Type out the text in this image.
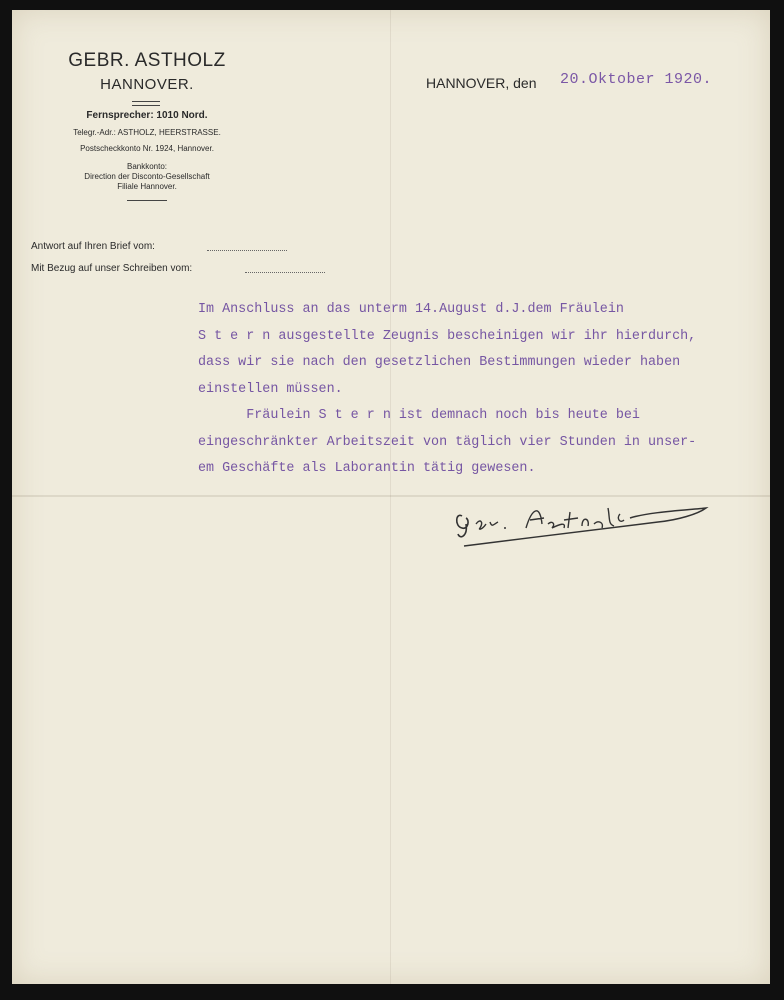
GEBR. ASTHOLZ
HANNOVER.
Fernsprecher: 1010 Nord.
Telegr.-Adr.: ASTHOLZ, HEERSTRASSE.
Postscheckkonto Nr. 1924, Hannover.
Bankkonto:
Direction der Disconto-Gesellschaft
Filiale Hannover.
HANNOVER, den 20.Oktober 1920.
Antwort auf Ihren Brief vom:
Mit Bezug auf unser Schreiben vom:
Im Anschluss an das unterm 14.August d.J.dem Fräulein
S t e r n ausgestellte Zeugnis bescheinigen wir ihr hierdurch,
dass wir sie nach den gesetzlichen Bestimmungen wieder haben
einstellen müssen.
Fräulein S t e r n ist demnach noch bis heute bei
eingeschränkter Arbeitszeit von täglich vier Stunden in unser-
em Geschäfte als Laborantin tätig gewesen.
